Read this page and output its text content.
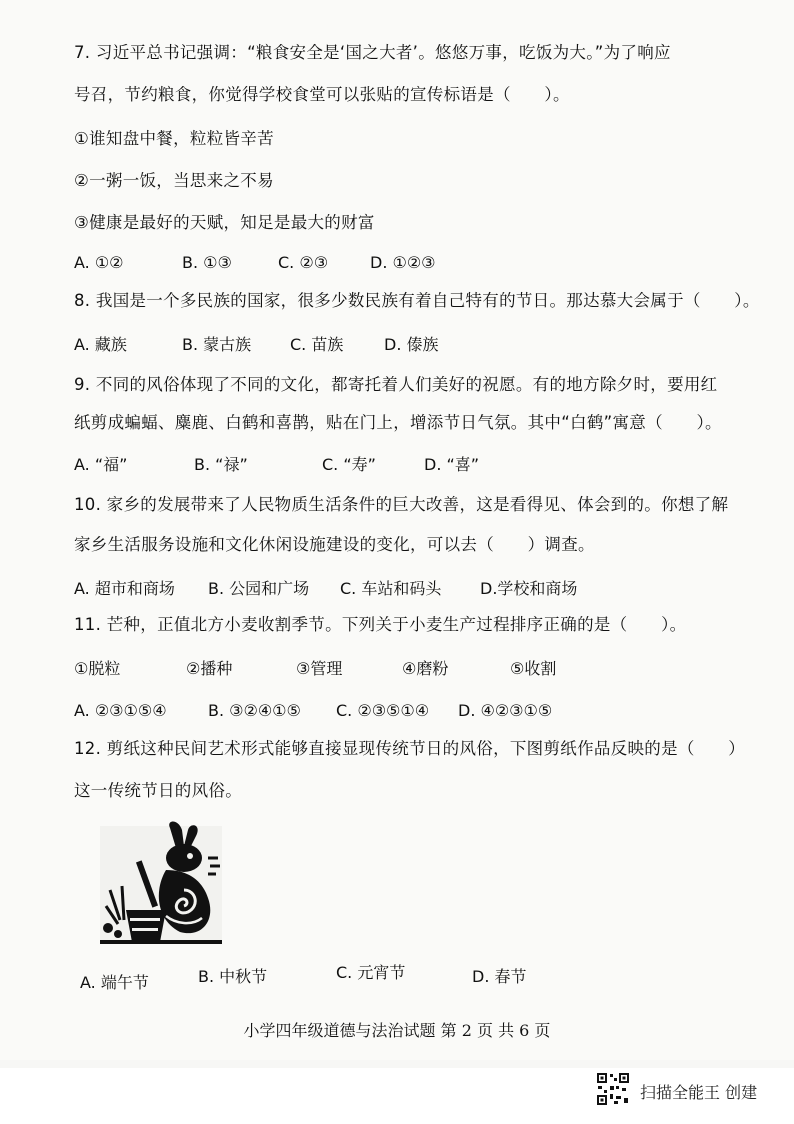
7. 习近平总书记强调：“粮食安全是‘国之大者’。悠悠万事，吃饭为大。”为了响应
号召，节约粮食，你觉得学校食堂可以张贴的宣传标语是（　　）。
①谁知盘中餐，粒粒皆辛苦
②一粥一饭，当思来之不易
③健康是最好的天赋，知足是最大的财富
A. ①②	B. ①③	C. ②③	D. ①②③
8. 我国是一个多民族的国家，很多少数民族有着自己特有的节日。那达慕大会属于（　　）。
A. 藏族	B. 蒙古族 C. 苗族	D. 傣族
9. 不同的风俗体现了不同的文化，都寄托着人们美好的祝愿。有的地方除夕时，要用红
纸剪成蝙蝠、麋鹿、白鹤和喜鹊，贴在门上，增添节日气氛。其中“白鹤”寓意（　　）。
A. “福”	B. “禄”	C. “寿”	D. “喜”
10. 家乡的发展带来了人民物质生活条件的巨大改善，这是看得见、体会到的。你想了解
家乡生活服务设施和文化休闲设施建设的变化，可以去（　　）调查。
A. 超市和商场 B. 公园和广场 C. 车站和码头 D.学校和商场
11. 芒种，正值北方小麦收割季节。下列关于小麦生产过程排序正确的是（　　）。
①脱粒	②播种	③管理	④磨粉	⑤收割
A. ②③①⑤④	B. ③②④①⑤ C. ②③⑤①④ D. ④②③①⑤
12. 剪纸这种民间艺术形式能够直接显现传统节日的风俗，下图剪纸作品反映的是（　　）
这一传统节日的风俗。
A. 端午节	B. 中秋节	C. 元宵节	D. 春节
小学四年级道德与法治试题 第 2 页 共 6 页
扫描全能王 创建
